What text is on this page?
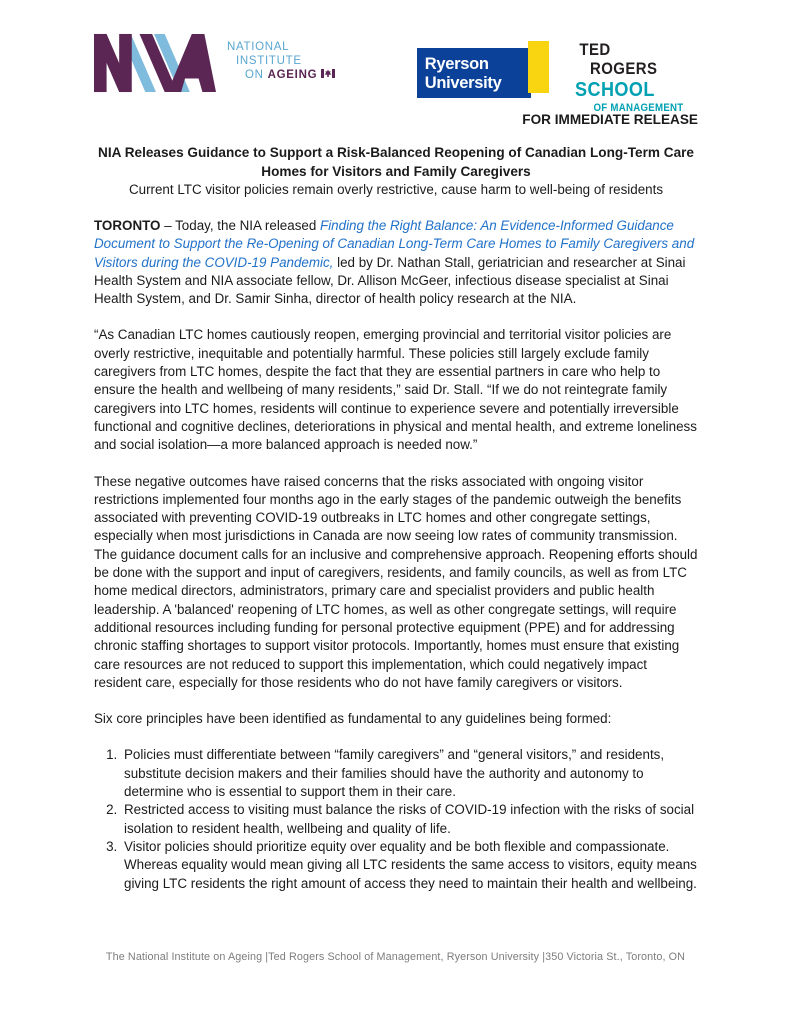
NATIONAL
INSTITUTE
ON AGEING
Ryerson
University
TED
ROGERS
SCHOOL
OF MANAGEMENT
FOR IMMEDIATE RELEASE
NIA Releases Guidance to Support a Risk-Balanced Reopening of Canadian Long-Term Care Homes for Visitors and Family Caregivers
Current LTC visitor policies remain overly restrictive, cause harm to well-being of residents

TORONTO – Today, the NIA released Finding the Right Balance: An Evidence-Informed Guidance Document to Support the Re-Opening of Canadian Long-Term Care Homes to Family Caregivers and Visitors during the COVID-19 Pandemic, led by Dr. Nathan Stall, geriatrician and researcher at Sinai Health System and NIA associate fellow, Dr. Allison McGeer, infectious disease specialist at Sinai Health System, and Dr. Samir Sinha, director of health policy research at the NIA.

“As Canadian LTC homes cautiously reopen, emerging provincial and territorial visitor policies are overly restrictive, inequitable and potentially harmful. These policies still largely exclude family caregivers from LTC homes, despite the fact that they are essential partners in care who help to ensure the health and wellbeing of many residents,” said Dr. Stall. “If we do not reintegrate family caregivers into LTC homes, residents will continue to experience severe and potentially irreversible functional and cognitive declines, deteriorations in physical and mental health, and extreme loneliness and social isolation—a more balanced approach is needed now.”

These negative outcomes have raised concerns that the risks associated with ongoing visitor restrictions implemented four months ago in the early stages of the pandemic outweigh the benefits associated with preventing COVID-19 outbreaks in LTC homes and other congregate settings, especially when most jurisdictions in Canada are now seeing low rates of community transmission. The guidance document calls for an inclusive and comprehensive approach. Reopening efforts should be done with the support and input of caregivers, residents, and family councils, as well as from LTC home medical directors, administrators, primary care and specialist providers and public health leadership. A 'balanced' reopening of LTC homes, as well as other congregate settings, will require additional resources including funding for personal protective equipment (PPE) and for addressing chronic staffing shortages to support visitor protocols. Importantly, homes must ensure that existing care resources are not reduced to support this implementation, which could negatively impact resident care, especially for those residents who do not have family caregivers or visitors.

Six core principles have been identified as fundamental to any guidelines being formed:

1. Policies must differentiate between “family caregivers” and “general visitors,” and residents, substitute decision makers and their families should have the authority and autonomy to determine who is essential to support them in their care.
2. Restricted access to visiting must balance the risks of COVID-19 infection with the risks of social isolation to resident health, wellbeing and quality of life.
3. Visitor policies should prioritize equity over equality and be both flexible and compassionate. Whereas equality would mean giving all LTC residents the same access to visitors, equity means giving LTC residents the right amount of access they need to maintain their health and wellbeing.
The National Institute on Ageing |Ted Rogers School of Management, Ryerson University |350 Victoria St., Toronto, ON
